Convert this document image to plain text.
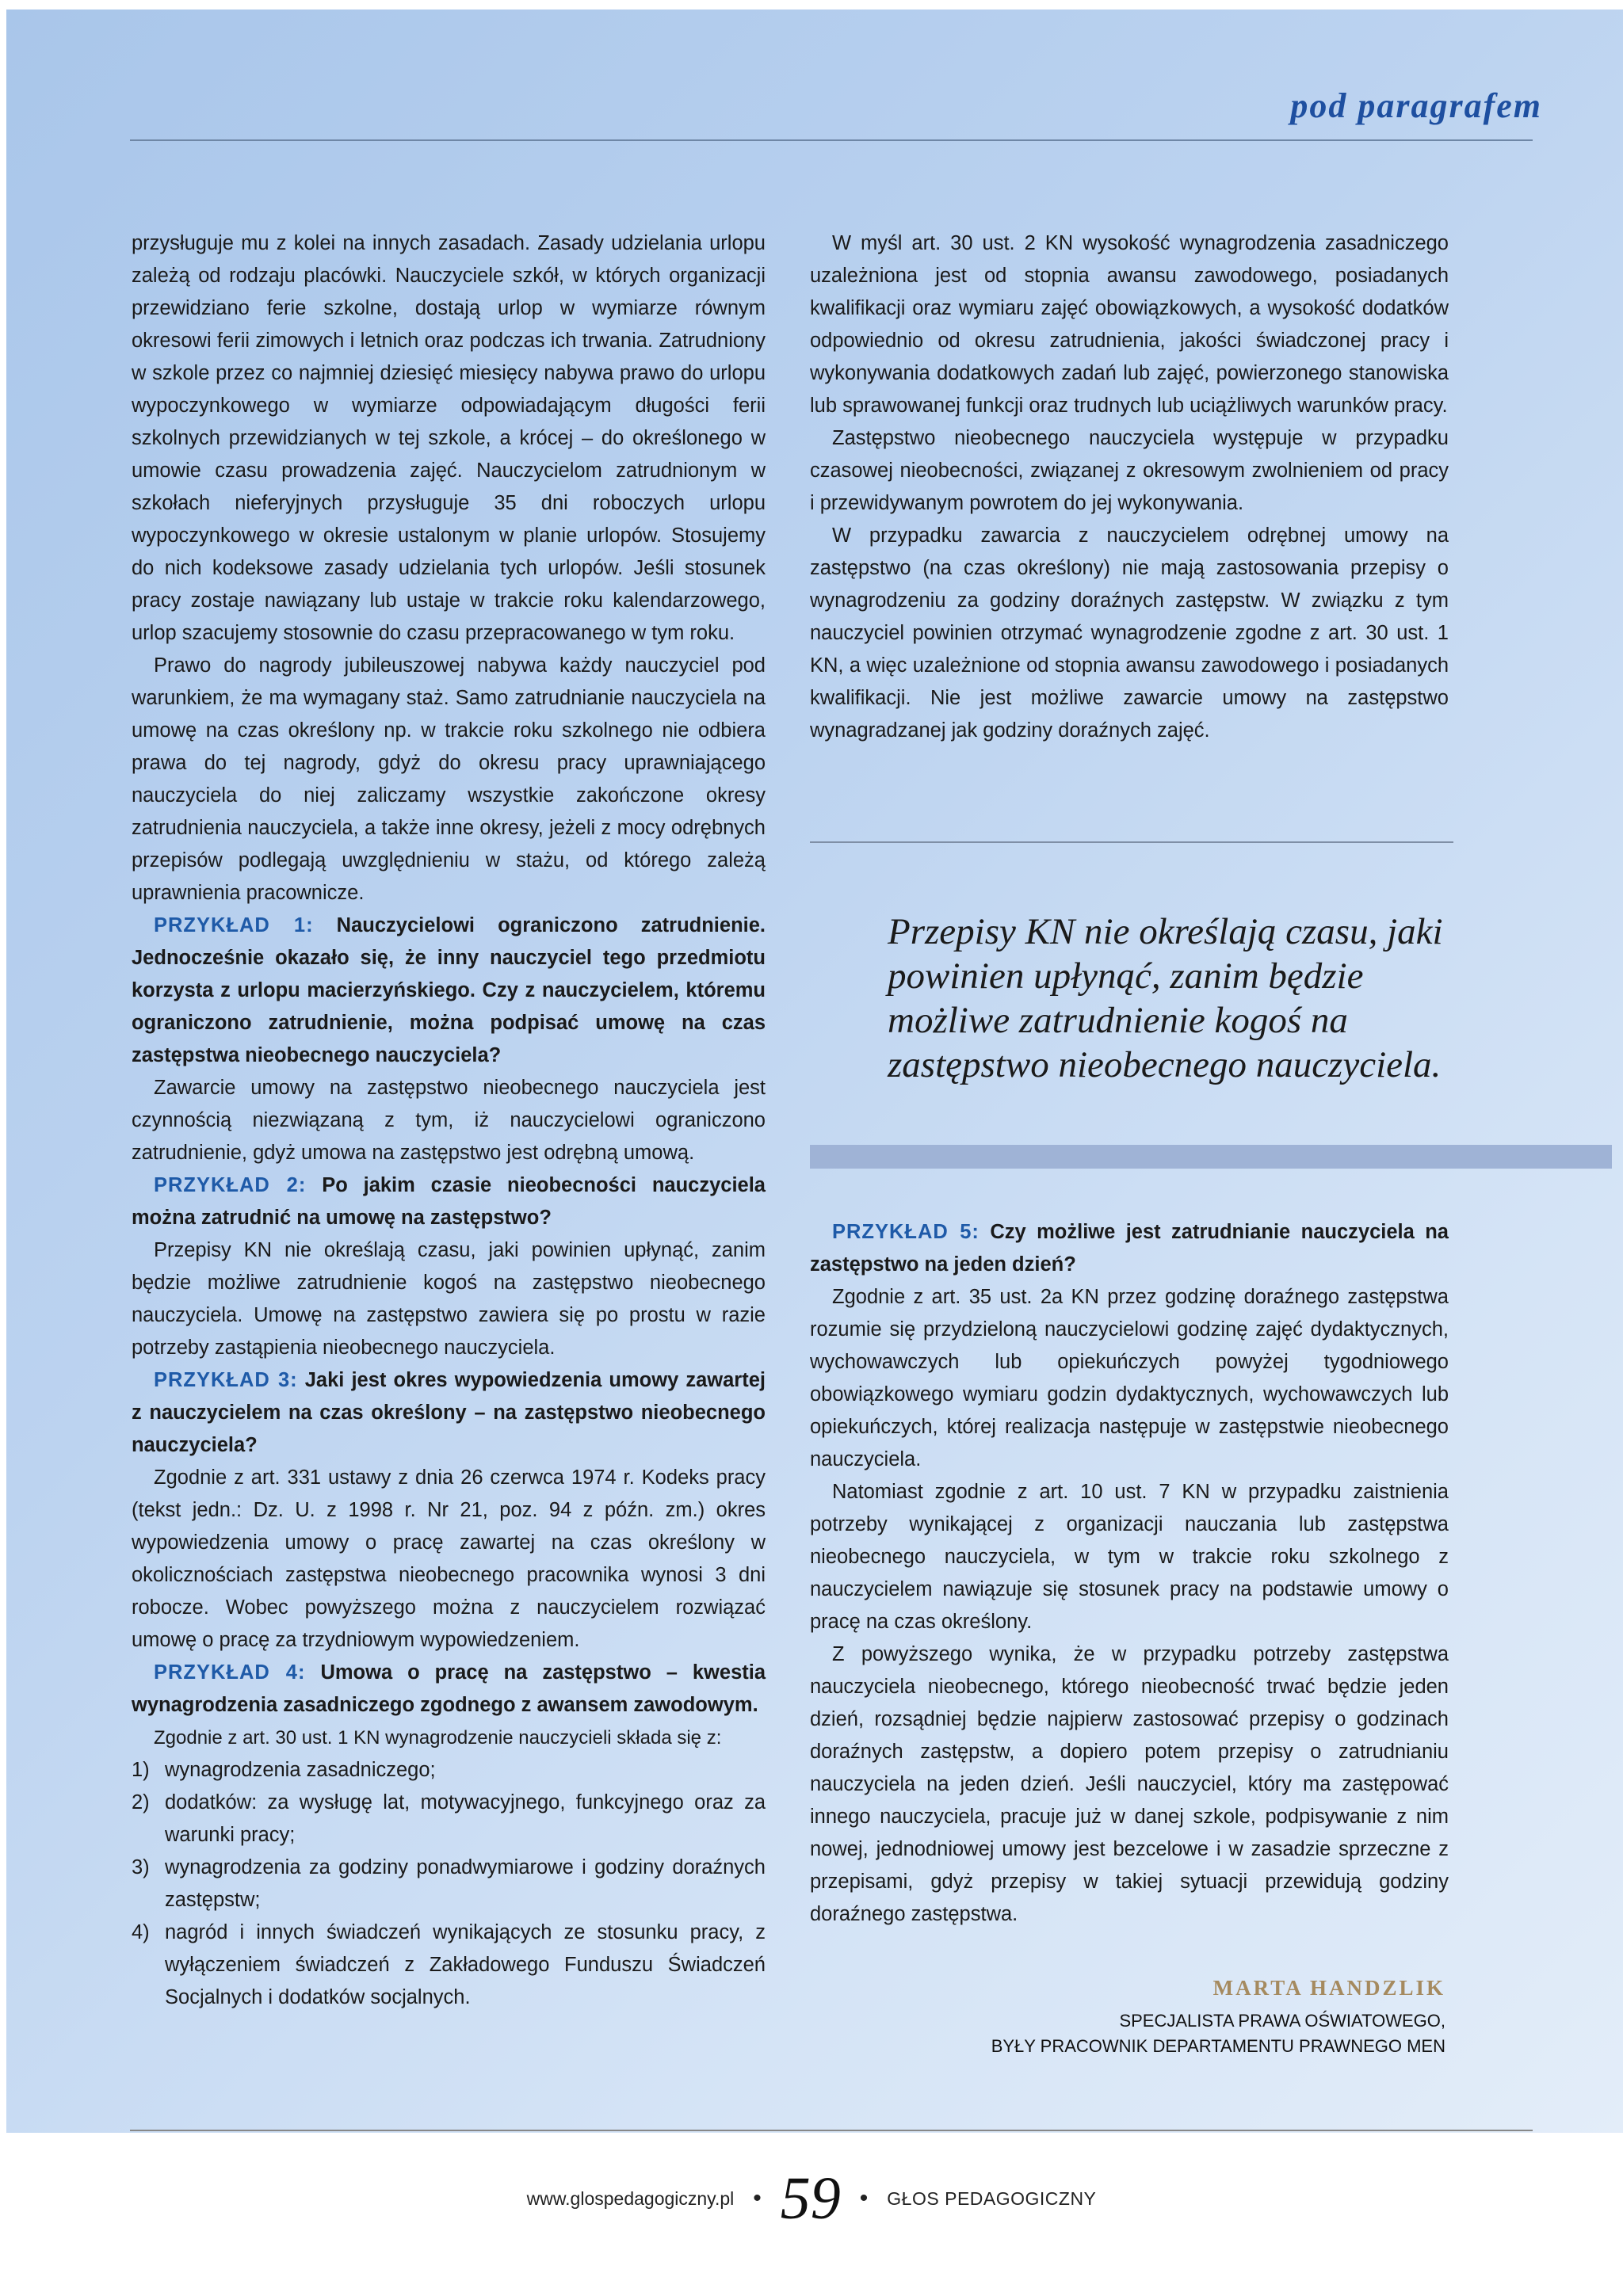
pod paragrafem

przysługuje mu z kolei na innych zasadach. Zasady udzielania urlopu zależą od rodzaju placówki. Nauczyciele szkół, w których organizacji przewidziano ferie szkolne, dostają urlop w wymiarze równym okresowi ferii zimowych i letnich oraz podczas ich trwania. Zatrudniony w szkole przez co najmniej dziesięć miesięcy nabywa prawo do urlopu wypoczynkowego w wymiarze odpowiadającym długości ferii szkolnych przewidzianych w tej szkole, a krócej – do określonego w umowie czasu prowadzenia zajęć. Nauczycielom zatrudnionym w szkołach nieferyjnych przysługuje 35 dni roboczych urlopu wypoczynkowego w okresie ustalonym w planie urlopów. Stosujemy do nich kodeksowe zasady udzielania tych urlopów. Jeśli stosunek pracy zostaje nawiązany lub ustaje w trakcie roku kalendarzowego, urlop szacujemy stosownie do czasu przepracowanego w tym roku.

Prawo do nagrody jubileuszowej nabywa każdy nauczyciel pod warunkiem, że ma wymagany staż. Samo zatrudnianie nauczyciela na umowę na czas określony np. w trakcie roku szkolnego nie odbiera prawa do tej nagrody, gdyż do okresu pracy uprawniającego nauczyciela do niej zaliczamy wszystkie zakończone okresy zatrudnienia nauczyciela, a także inne okresy, jeżeli z mocy odrębnych przepisów podlegają uwzględnieniu w stażu, od którego zależą uprawnienia pracownicze.

PRZYKŁAD 1: Nauczycielowi ograniczono zatrudnienie. Jednocześnie okazało się, że inny nauczyciel tego przedmiotu korzysta z urlopu macierzyńskiego. Czy z nauczycielem, któremu ograniczono zatrudnienie, można podpisać umowę na czas zastępstwa nieobecnego nauczyciela?

Zawarcie umowy na zastępstwo nieobecnego nauczyciela jest czynnością niezwiązaną z tym, iż nauczycielowi ograniczono zatrudnienie, gdyż umowa na zastępstwo jest odrębną umową.

PRZYKŁAD 2: Po jakim czasie nieobecności nauczyciela można zatrudnić na umowę na zastępstwo?

Przepisy KN nie określają czasu, jaki powinien upłynąć, zanim będzie możliwe zatrudnienie kogoś na zastępstwo nieobecnego nauczyciela. Umowę na zastępstwo zawiera się po prostu w razie potrzeby zastąpienia nieobecnego nauczyciela.

PRZYKŁAD 3: Jaki jest okres wypowiedzenia umowy zawartej z nauczycielem na czas określony – na zastępstwo nieobecnego nauczyciela?

Zgodnie z art. 331 ustawy z dnia 26 czerwca 1974 r. Kodeks pracy (tekst jedn.: Dz. U. z 1998 r. Nr 21, poz. 94 z późn. zm.) okres wypowiedzenia umowy o pracę zawartej na czas określony w okolicznościach zastępstwa nieobecnego pracownika wynosi 3 dni robocze. Wobec powyższego można z nauczycielem rozwiązać umowę o pracę za trzydniowym wypowiedzeniem.

PRZYKŁAD 4: Umowa o pracę na zastępstwo – kwestia wynagrodzenia zasadniczego zgodnego z awansem zawodowym.

Zgodnie z art. 30 ust. 1 KN wynagrodzenie nauczycieli składa się z:

1) wynagrodzenia zasadniczego;
2) dodatków: za wysługę lat, motywacyjnego, funkcyjnego oraz za warunki pracy;
3) wynagrodzenia za godziny ponadwymiarowe i godziny doraźnych zastępstw;
4) nagród i innych świadczeń wynikających ze stosunku pracy, z wyłączeniem świadczeń z Zakładowego Funduszu Świadczeń Socjalnych i dodatków socjalnych.

W myśl art. 30 ust. 2 KN wysokość wynagrodzenia zasadniczego uzależniona jest od stopnia awansu zawodowego, posiadanych kwalifikacji oraz wymiaru zajęć obowiązkowych, a wysokość dodatków odpowiednio od okresu zatrudnienia, jakości świadczonej pracy i wykonywania dodatkowych zadań lub zajęć, powierzonego stanowiska lub sprawowanej funkcji oraz trudnych lub uciążliwych warunków pracy.

Zastępstwo nieobecnego nauczyciela występuje w przypadku czasowej nieobecności, związanej z okresowym zwolnieniem od pracy i przewidywanym powrotem do jej wykonywania.

W przypadku zawarcia z nauczycielem odrębnej umowy na zastępstwo (na czas określony) nie mają zastosowania przepisy o wynagrodzeniu za godziny doraźnych zastępstw. W związku z tym nauczyciel powinien otrzymać wynagrodzenie zgodne z art. 30 ust. 1 KN, a więc uzależnione od stopnia awansu zawodowego i posiadanych kwalifikacji. Nie jest możliwe zawarcie umowy na zastępstwo wynagradzanej jak godziny doraźnych zajęć.

Przepisy KN nie określają czasu, jaki powinien upłynąć, zanim będzie możliwe zatrudnienie kogoś na zastępstwo nieobecnego nauczyciela.

PRZYKŁAD 5: Czy możliwe jest zatrudnianie nauczyciela na zastępstwo na jeden dzień?

Zgodnie z art. 35 ust. 2a KN przez godzinę doraźnego zastępstwa rozumie się przydzieloną nauczycielowi godzinę zajęć dydaktycznych, wychowawczych lub opiekuńczych powyżej tygodniowego obowiązkowego wymiaru godzin dydaktycznych, wychowawczych lub opiekuńczych, której realizacja następuje w zastępstwie nieobecnego nauczyciela.

Natomiast zgodnie z art. 10 ust. 7 KN w przypadku zaistnienia potrzeby wynikającej z organizacji nauczania lub zastępstwa nieobecnego nauczyciela, w tym w trakcie roku szkolnego z nauczycielem nawiązuje się stosunek pracy na podstawie umowy o pracę na czas określony.

Z powyższego wynika, że w przypadku potrzeby zastępstwa nauczyciela nieobecnego, którego nieobecność trwać będzie jeden dzień, rozsądniej będzie najpierw zastosować przepisy o godzinach doraźnych zastępstw, a dopiero potem przepisy o zatrudnianiu nauczyciela na jeden dzień. Jeśli nauczyciel, który ma zastępować innego nauczyciela, pracuje już w danej szkole, podpisywanie z nim nowej, jednodniowej umowy jest bezcelowe i w zasadzie sprzeczne z przepisami, gdyż przepisy w takiej sytuacji przewidują godziny doraźnego zastępstwa.

MARTA HANDZLIK
SPECJALISTA PRAWA OŚWIATOWEGO,
BYŁY PRACOWNIK DEPARTAMENTU PRAWNEGO MEN
www.glospedagogiczny.pl • 59 • GŁOS PEDAGOGICZNY
